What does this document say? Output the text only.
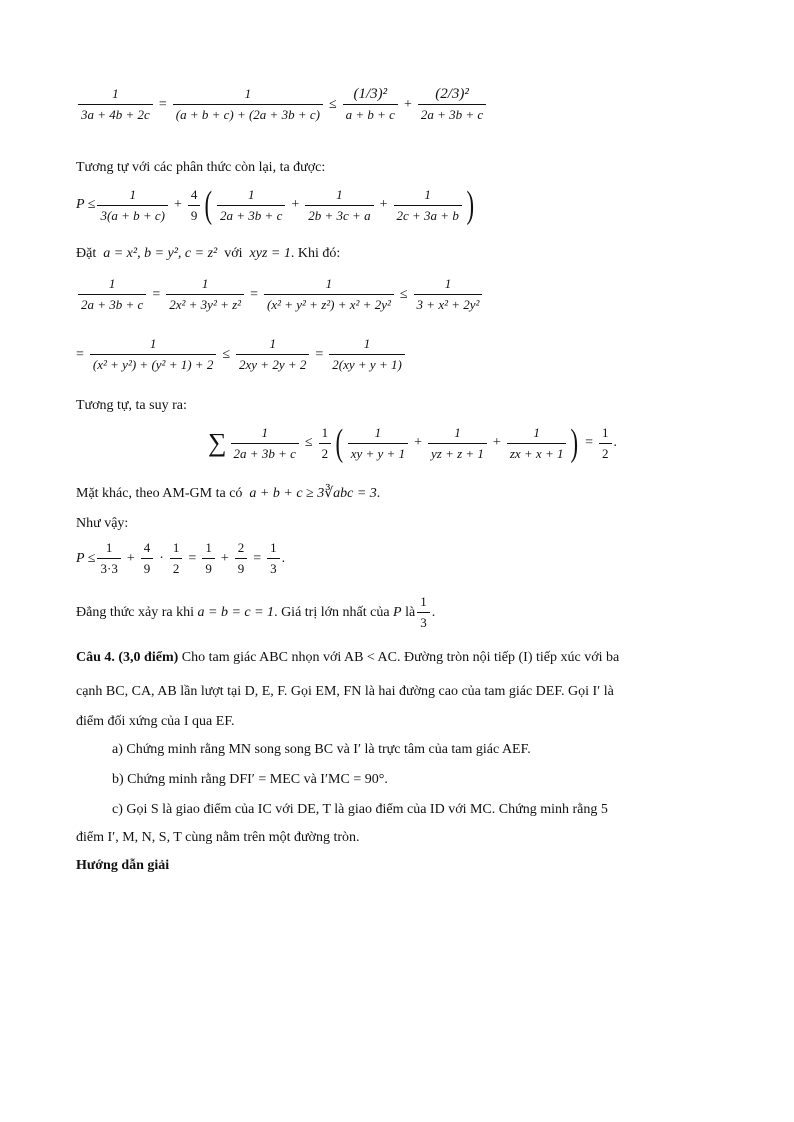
$\frac{1}{3a + 4b + 2c} = \frac{1}{(a + b + c) + (2a + 3b + c)} \le \frac{\text{(1/3)²}}{a + b + c} + \frac{\text{(2/3)²}}{2a + 3b + c}$
Tương tự với các phân thức còn lại, ta được:
$P \le \frac{1}{3(a + b + c)} + \frac{4}{9}$ ( $\frac{1}{2a + 3b + c} + \frac{1}{2b + 3c + a} + \frac{1}{2c + 3a + b}$ )
Đặt a = x², b = y², c = z² với xyz = 1. Khi đó:
$\frac{1}{2a + 3b + c} = \frac{1}{\text{2x² + 3y² + z²}} = \frac{1}{\text{(x² + y² + z²) + x² + 2y²}} \le \frac{1}{\text{3 + x² + 2y²}}$
= $\frac{1}{\text{(x² + y²) + (y² + 1) + 2}} \le \frac{1}{2xy + 2y + 2} = \frac{1}{2(xy + y + 1)}$
Tương tự, ta suy ra:
∑ $\frac{1}{2a + 3b + c} \le \frac{1}{2}$ ( $\frac{1}{xy + y + 1} + \frac{1}{yz + z + 1} + \frac{1}{zx + x + 1}$ ) = $\frac{1}{2}$ .
Mặt khác, theo AM-GM ta có a + b + c ≥ 3∛abc = 3.
Như vậy:
$P \le \frac{1}{3\cdot 3} + \frac{4}{9} \cdot \frac{1}{2} = \frac{1}{9} + \frac{2}{9} = \frac{1}{3}$ .
Đẳng thức xảy ra khi
a = b = c = 1 . Giá trị lớn nhất của
P
là $\frac{1}{3}$ .
Câu 4. (3,0 điểm) Cho tam giác ABC nhọn với AB < AC. Đường tròn nội tiếp (I) tiếp xúc với ba
cạnh BC, CA, AB lần lượt tại D, E, F. Gọi EM, FN là hai đường cao của tam giác DEF. Gọi I′ là
điểm đối xứng của I qua EF.
a) Chứng minh rằng MN song song BC và I′ là trực tâm của tam giác AEF.
b) Chứng minh rằng DFI′ = MEC và I′MC = 90°.
c) Gọi S là giao điểm của IC với DE, T là giao điểm của ID với MC. Chứng minh rằng 5
điểm I′, M, N, S, T cùng nằm trên một đường tròn.
Hướng dẫn giải
